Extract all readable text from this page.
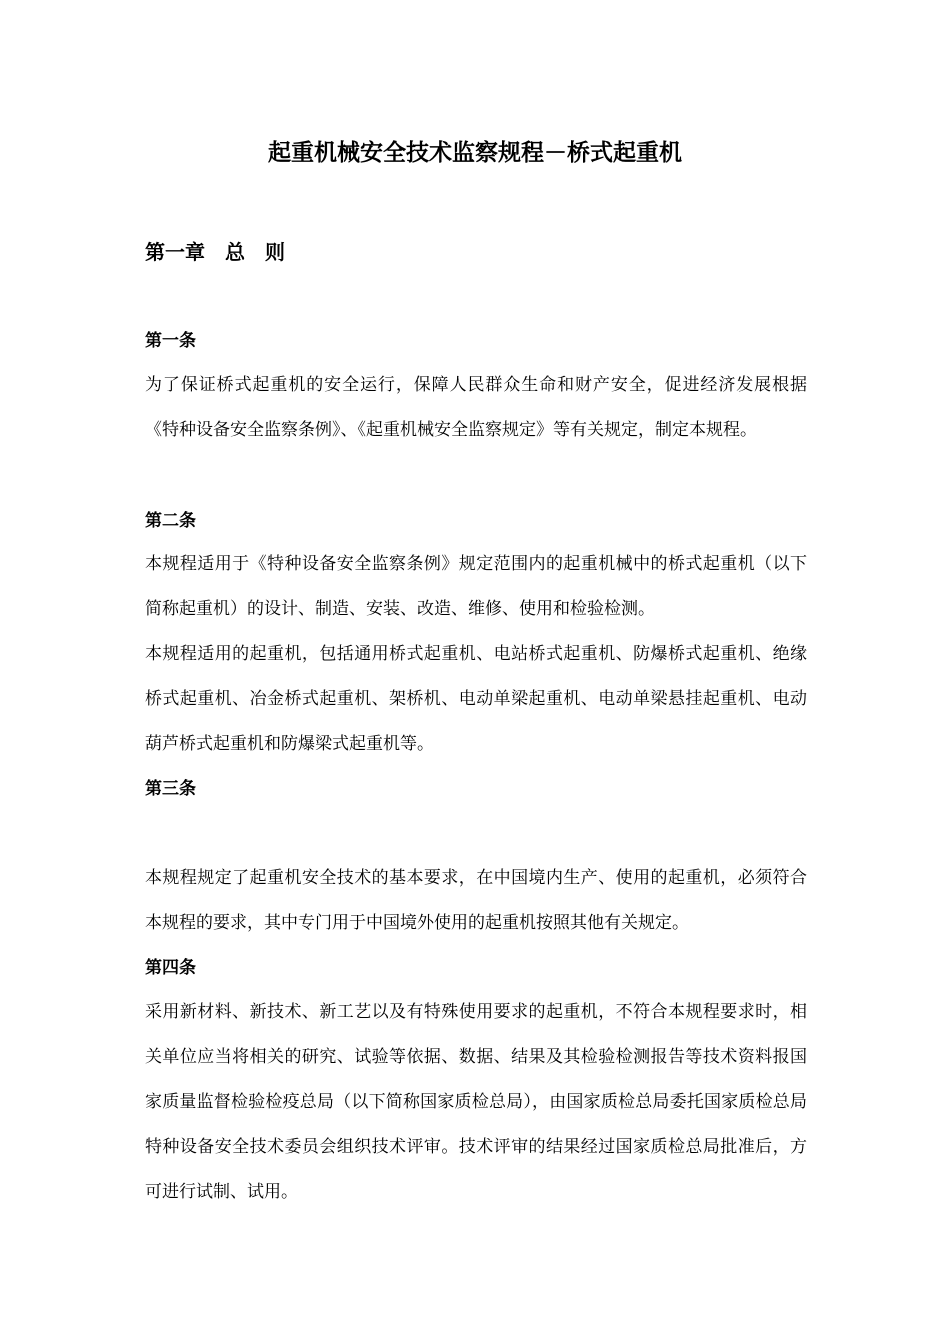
起重机械安全技术监察规程－桥式起重机
第一章　总　则
第一条

为了保证桥式起重机的安全运行，保障人民群众生命和财产安全，促进经济发展根据《特种设备安全监察条例》、《起重机械安全监察规定》等有关规定，制定本规程。

第二条

本规程适用于《特种设备安全监察条例》规定范围内的起重机械中的桥式起重机（以下简称起重机）的设计、制造、安装、改造、维修、使用和检验检测。

本规程适用的起重机，包括通用桥式起重机、电站桥式起重机、防爆桥式起重机、绝缘桥式起重机、冶金桥式起重机、架桥机、电动单梁起重机、电动单梁悬挂起重机、电动葫芦桥式起重机和防爆梁式起重机等。

第三条

本规程规定了起重机安全技术的基本要求，在中国境内生产、使用的起重机，必须符合本规程的要求，其中专门用于中国境外使用的起重机按照其他有关规定。

第四条

采用新材料、新技术、新工艺以及有特殊使用要求的起重机，不符合本规程要求时，相关单位应当将相关的研究、试验等依据、数据、结果及其检验检测报告等技术资料报国家质量监督检验检疫总局（以下简称国家质检总局），由国家质检总局委托国家质检总局特种设备安全技术委员会组织技术评审。技术评审的结果经过国家质检总局批准后，方可进行试制、试用。
